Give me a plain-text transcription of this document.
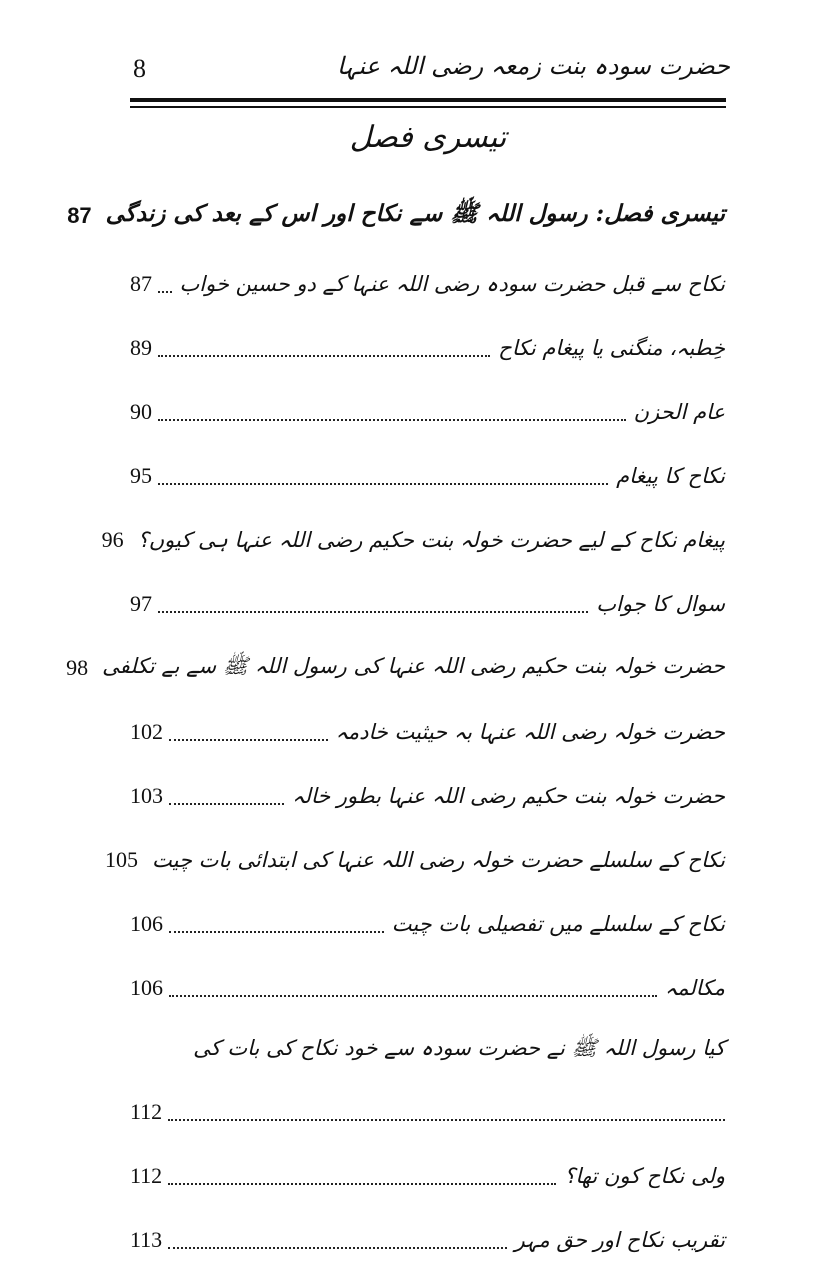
8	حضرت سودہ بنت زمعہ رضی اللہ عنہا
تیسری فصل
تیسری فصل: رسول اللہ ﷺ سے نکاح اور اس کے بعد کی زندگی
87
نکاح سے قبل حضرت سودہ رضی اللہ عنہا کے دو حسین خواب
87
خِطبہ، منگنی یا پیغام نکاح
89
عام الحزن
90
نکاح کا پیغام
95
پیغام نکاح کے لیے حضرت خولہ بنت حکیم رضی اللہ عنہا ہی کیوں؟
96
سوال کا جواب
97
حضرت خولہ بنت حکیم رضی اللہ عنہا کی رسول اللہ ﷺ سے بے تکلفی
98
حضرت خولہ رضی اللہ عنہا بہ حیثیت خادمہ
102
حضرت خولہ بنت حکیم رضی اللہ عنہا بطور خالہ
103
نکاح کے سلسلے حضرت خولہ رضی اللہ عنہا کی ابتدائی بات چیت
105
نکاح کے سلسلے میں تفصیلی بات چیت
106
مکالمہ
106
کیا رسول اللہ ﷺ نے حضرت سودہ سے خود نکاح کی بات کی
112
ولی نکاح کون تھا؟
112
تقریب نکاح اور حق مہر
113
